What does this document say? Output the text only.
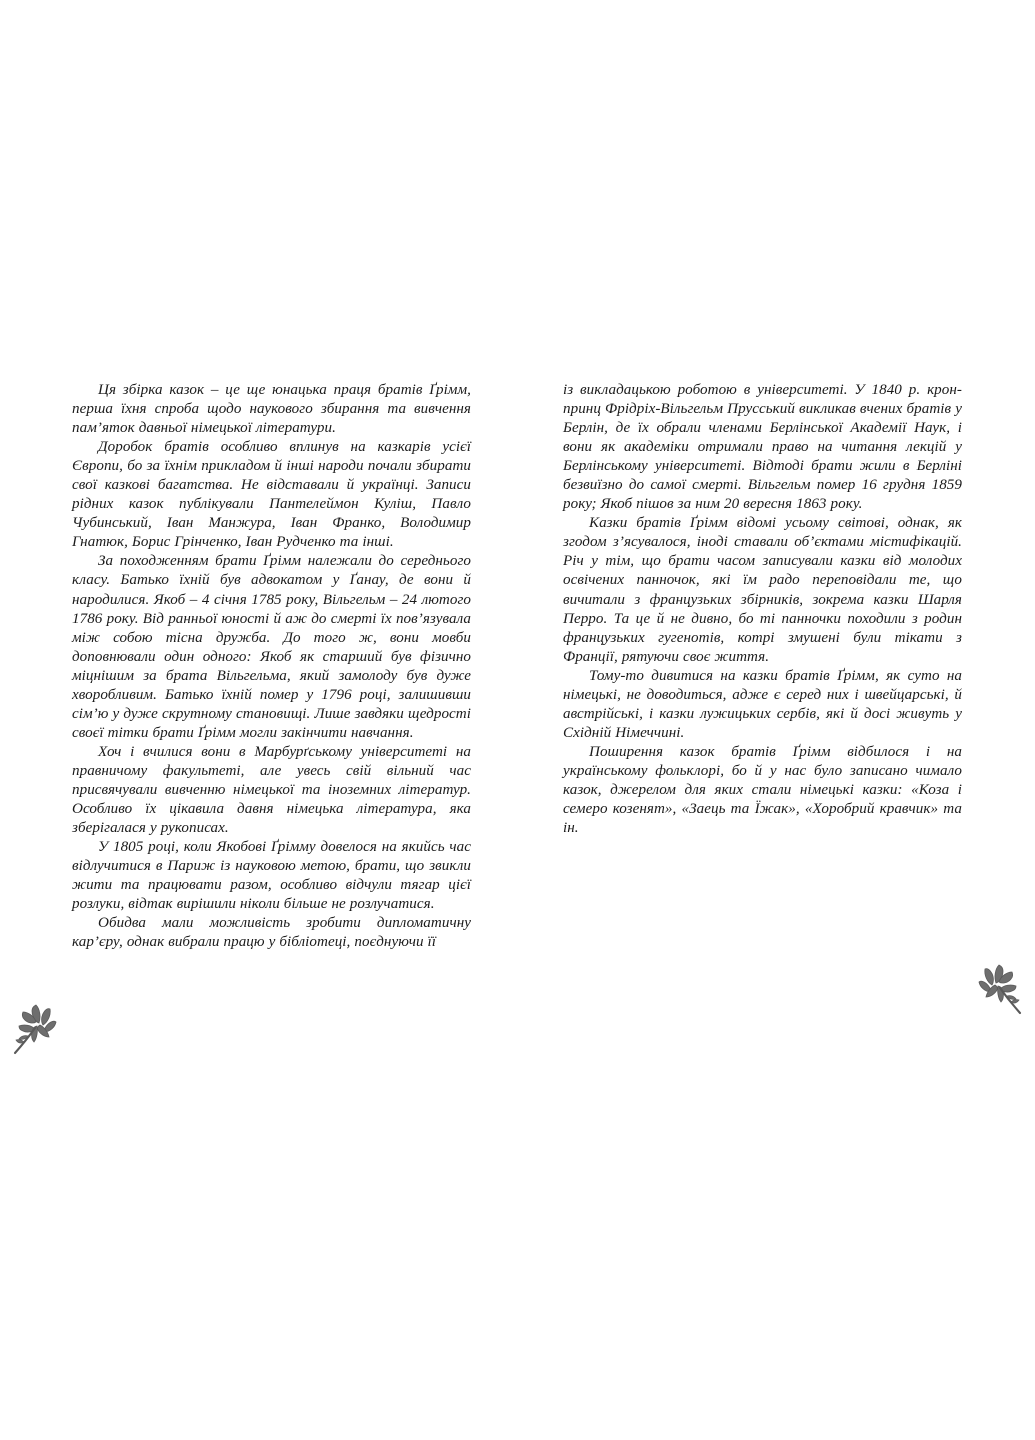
Ця збірка казок – це ще юнацька праця братів Ґрімм, перша їхня спроба щодо наукового збирання та вивчення пам’яток давньої німецької літератури.

Доробок братів особливо вплинув на казкарів усієї Європи, бо за їхнім прикладом й інші народи почали збирати свої казкові багатства. Не відставали й українці. Записи рідних казок публікували Пантелеймон Куліш, Павло Чубинський, Іван Манжура, Іван Франко, Володимир Гнатюк, Борис Грінченко, Іван Рудченко та інші.

За походженням брати Ґрімм належали до середнього класу. Батько їхній був адвокатом у Ґанау, де вони й народилися. Якоб – 4 січня 1785 року, Вільгельм – 24 лютого 1786 року. Від ранньої юності й аж до смерті їх пов’язувала між собою тісна дружба. До того ж, вони мовби доповнювали один одного: Якоб як старший був фізично міцнішим за брата Вільгельма, який замолоду був дуже хворобливим. Батько їхній помер у 1796 році, залишивши сім’ю у дуже скрутному становищі. Лише завдяки щедрості своєї тітки брати Ґрімм могли закінчити навчання.

Хоч і вчилися вони в Марбурґському університеті на правничому факультеті, але увесь свій вільний час присвячували вивченню німецької та іноземних літератур. Особливо їх цікавила давня німецька література, яка зберігалася у рукописах.

У 1805 році, коли Якобові Ґрімму довелося на якийсь час відлучитися в Париж із науковою метою, брати, що звикли жити та працювати разом, особливо відчули тягар цієї розлуки, відтак вирішили ніколи більше не розлучатися.

Обидва мали можливість зробити дипломатичну кар’єру, однак вибрали працю у бібліотеці, поєднуючи її

із викладацькою роботою в університеті. У 1840 р. крон-принц Фрідріх-Вільгельм Прусський викликав вчених братів у Берлін, де їх обрали членами Берлінської Академії Наук, і вони як академіки отримали право на читання лекцій у Берлінському університеті. Відтоді брати жили в Берліні безвиїзно до самої смерті. Вільгельм помер 16 грудня 1859 року; Якоб пішов за ним 20 вересня 1863 року.

Казки братів Ґрімм відомі усьому світові, однак, як згодом з’ясувалося, іноді ставали об’єктами містифікацій. Річ у тім, що брати часом записували казки від молодих освічених панночок, які їм радо переповідали те, що вичитали з французьких збірників, зокрема казки Шарля Перро. Та це й не дивно, бо ті панночки походили з родин французьких гугенотів, котрі змушені були тікати з Франції, рятуючи своє життя.

Тому-то дивитися на казки братів Ґрімм, як суто на німецькі, не доводиться, адже є серед них і швейцарські, й австрійські, і казки лужицьких сербів, які й досі живуть у Східній Німеччині.

Поширення казок братів Ґрімм відбилося і на українському фольклорі, бо й у нас було записано чимало казок, джерелом для яких стали німецькі казки: «Коза і семеро козенят», «Заець та Їжак», «Хоробрий кравчик» та ін.
